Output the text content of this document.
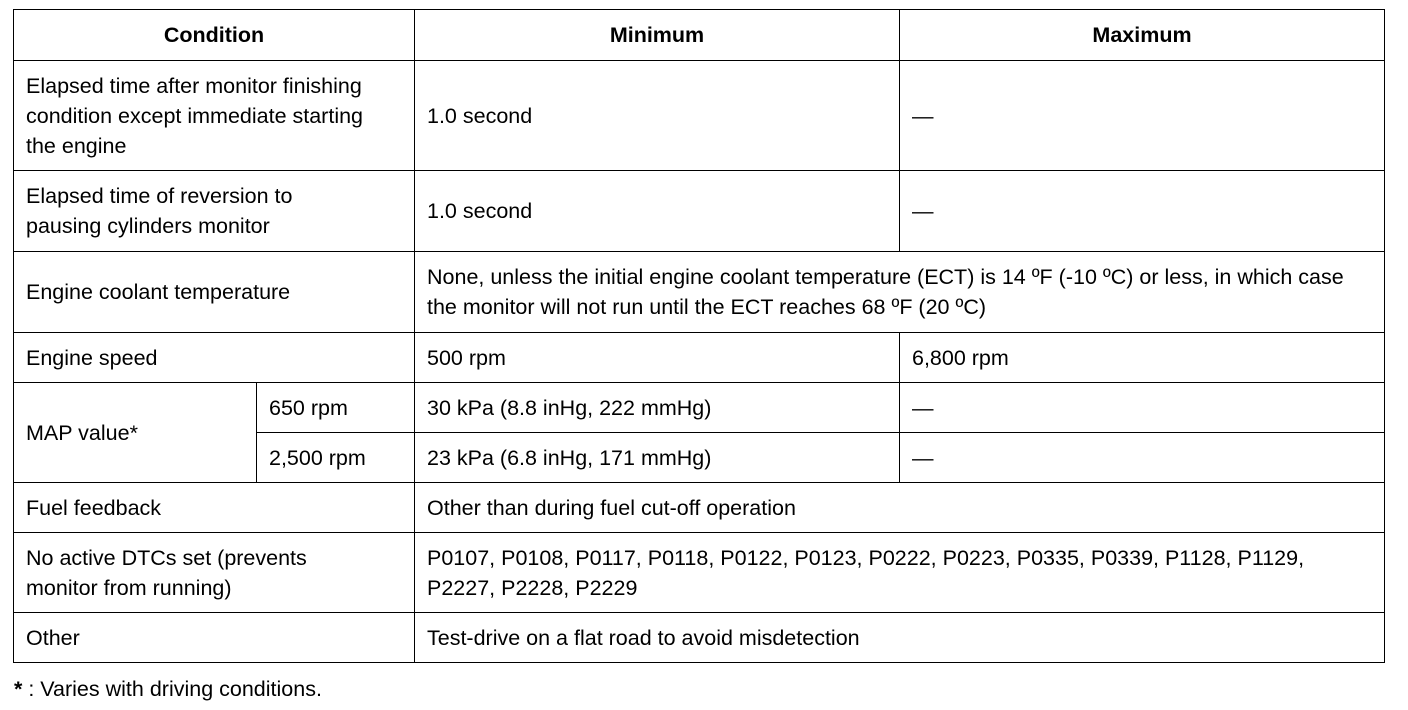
Condition		Minimum	Maximum
Elapsed time after monitor finishing condition except immediate starting the engine		1.0 second	—
Elapsed time of reversion to pausing cylinders monitor		1.0 second	—
Engine coolant temperature		None, unless the initial engine coolant temperature (ECT) is 14 ºF (-10 ºC) or less, in which case the monitor will not run until the ECT reaches 68 ºF (20 ºC)	
Engine speed		500 rpm	6,800 rpm
MAP value*	650 rpm	30 kPa (8.8 inHg, 222 mmHg)	—
	2,500 rpm	23 kPa (6.8 inHg, 171 mmHg)	—
Fuel feedback		Other than during fuel cut-off operation	
No active DTCs set (prevents monitor from running)		P0107, P0108, P0117, P0118, P0122, P0123, P0222, P0223, P0335, P0339, P1128, P1129, P2227, P2228, P2229	
Other		Test-drive on a flat road to avoid misdetection	
* : Varies with driving conditions.
